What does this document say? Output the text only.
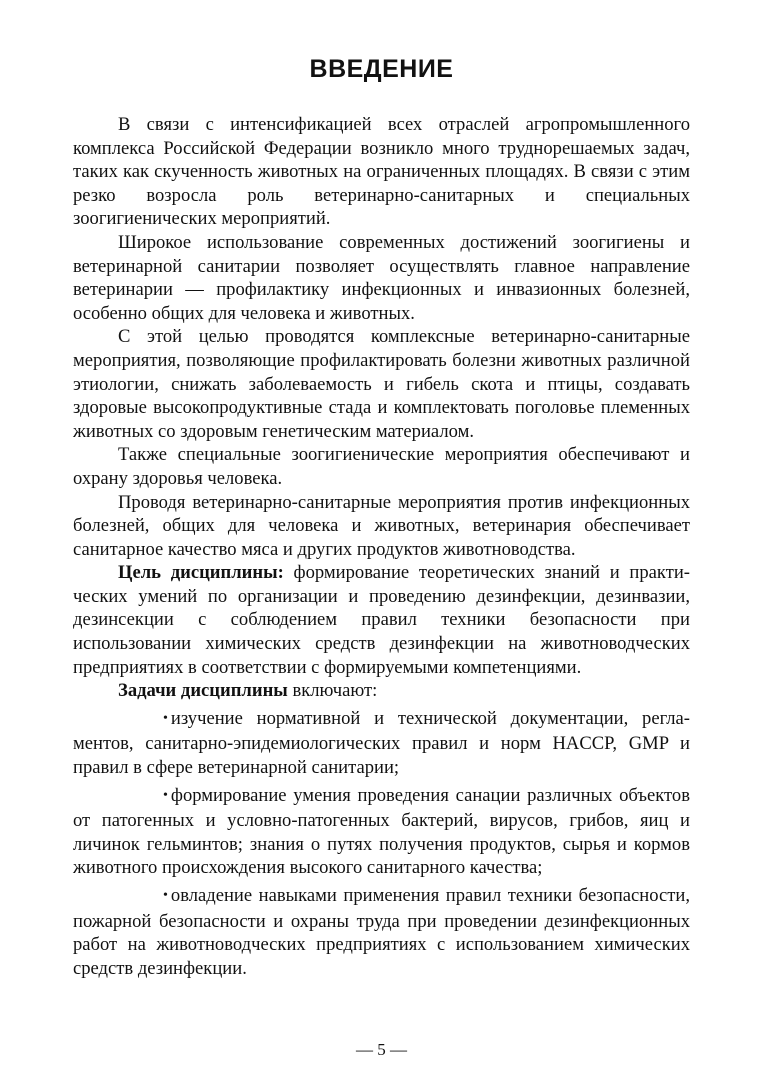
ВВЕДЕНИЕ

В связи с интенсификацией всех отраслей агропромышленного комплекса Российской Федерации возникло много труднорешаемых задач, таких как скученность животных на ограниченных площадях. В связи с этим резко возросла роль ветеринарно-санитарных и специальных зоогигиенических мероприятий.

Широкое использование современных достижений зоогигиены и ветеринарной санитарии позволяет осуществлять главное направление ветеринарии — профилактику инфекционных и инвазионных болезней, особенно общих для человека и животных.

С этой целью проводятся комплексные ветеринарно-санитарные мероприятия, позволяющие профилактировать болезни животных различной этиологии, снижать заболеваемость и гибель скота и птицы, создавать здоровые высокопродуктивные стада и комплектовать поголовье племенных животных со здоровым генетическим материалом.

Также специальные зоогигиенические мероприятия обеспечивают и охрану здоровья человека.

Проводя ветеринарно-санитарные мероприятия против инфекционных болезней, общих для человека и животных, ветеринария обеспечивает санитарное качество мяса и других продуктов животноводства.

Цель дисциплины: формирование теоретических знаний и практических умений по организации и проведению дезинфекции, дезинвазии, дезинсекции с соблюдением правил техники безопасности при использовании химических средств дезинфекции на животноводческих предприятиях в соответствии с формируемыми компетенциями.

Задачи дисциплины включают:

• изучение нормативной и технической документации, регламентов, санитарно-эпидемиологических правил и норм HACCP, GMP и правил в сфере ветеринарной санитарии;

• формирование умения проведения санации различных объектов от патогенных и условно-патогенных бактерий, вирусов, грибов, яиц и личинок гельминтов; знания о путях получения продуктов, сырья и кормов животного происхождения высокого санитарного качества;

• овладение навыками применения правил техники безопасности, пожарной безопасности и охраны труда при проведении дезинфекционных работ на животноводческих предприятиях с использованием химических средств дезинфекции.

— 5 —
